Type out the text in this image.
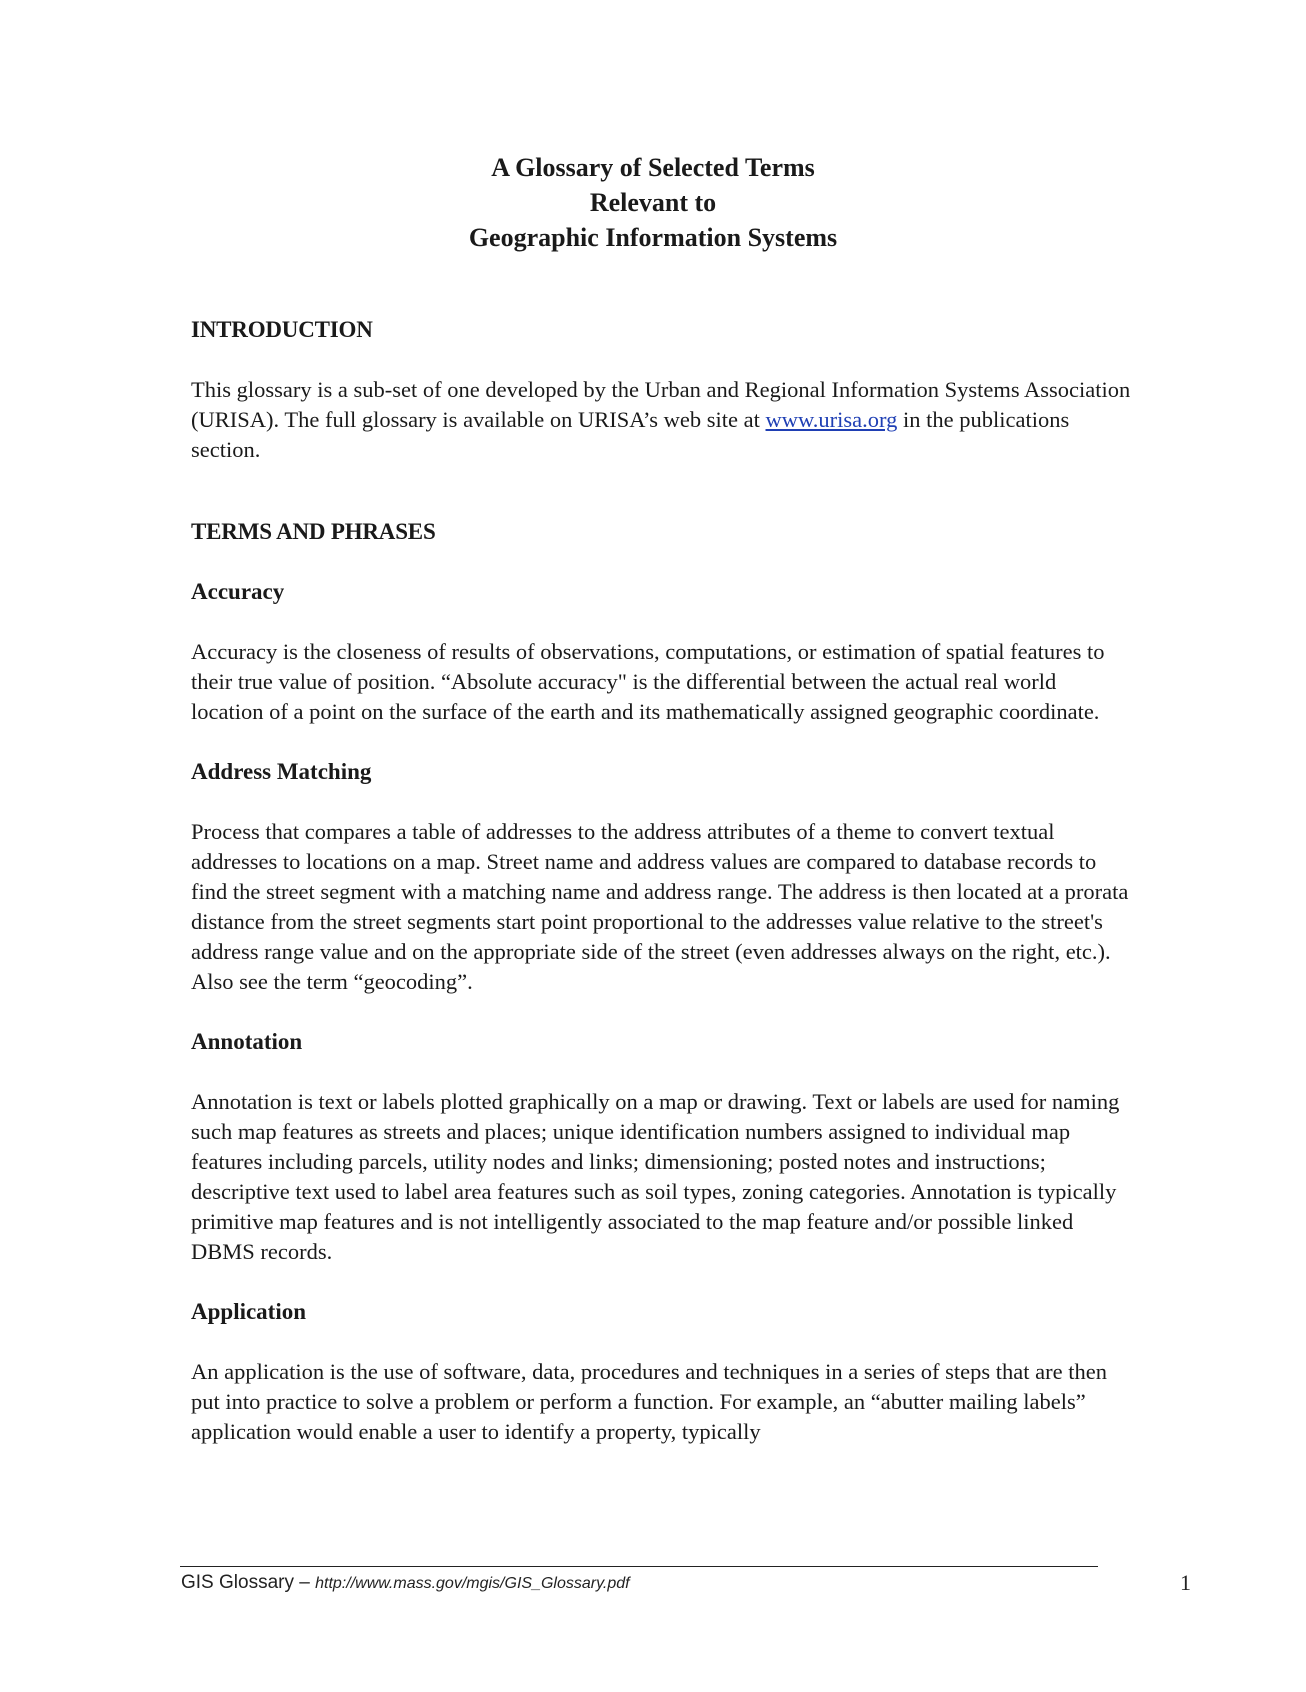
A Glossary of Selected Terms
Relevant to
Geographic Information Systems

INTRODUCTION

This glossary is a sub-set of one developed by the Urban and Regional Information Systems Association (URISA). The full glossary is available on URISA’s web site at www.urisa.org in the publications section.

TERMS AND PHRASES

Accuracy

Accuracy is the closeness of results of observations, computations, or estimation of spatial features to their true value of position. “Absolute accuracy" is the differential between the actual real world location of a point on the surface of the earth and its mathematically assigned geographic coordinate.

Address Matching

Process that compares a table of addresses to the address attributes of a theme to convert textual addresses to locations on a map. Street name and address values are compared to database records to find the street segment with a matching name and address range. The address is then located at a prorata distance from the street segments start point proportional to the addresses value relative to the street's address range value and on the appropriate side of the street (even addresses always on the right, etc.). Also see the term “geocoding”.

Annotation

Annotation is text or labels plotted graphically on a map or drawing. Text or labels are used for naming such map features as streets and places; unique identification numbers assigned to individual map features including parcels, utility nodes and links; dimensioning; posted notes and instructions; descriptive text used to label area features such as soil types, zoning categories. Annotation is typically primitive map features and is not intelligently associated to the map feature and/or possible linked DBMS records.

Application

An application is the use of software, data, procedures and techniques in a series of steps that are then put into practice to solve a problem or perform a function. For example, an “abutter mailing labels” application would enable a user to identify a property, typically

GIS Glossary – http://www.mass.gov/mgis/GIS_Glossary.pdf	1
